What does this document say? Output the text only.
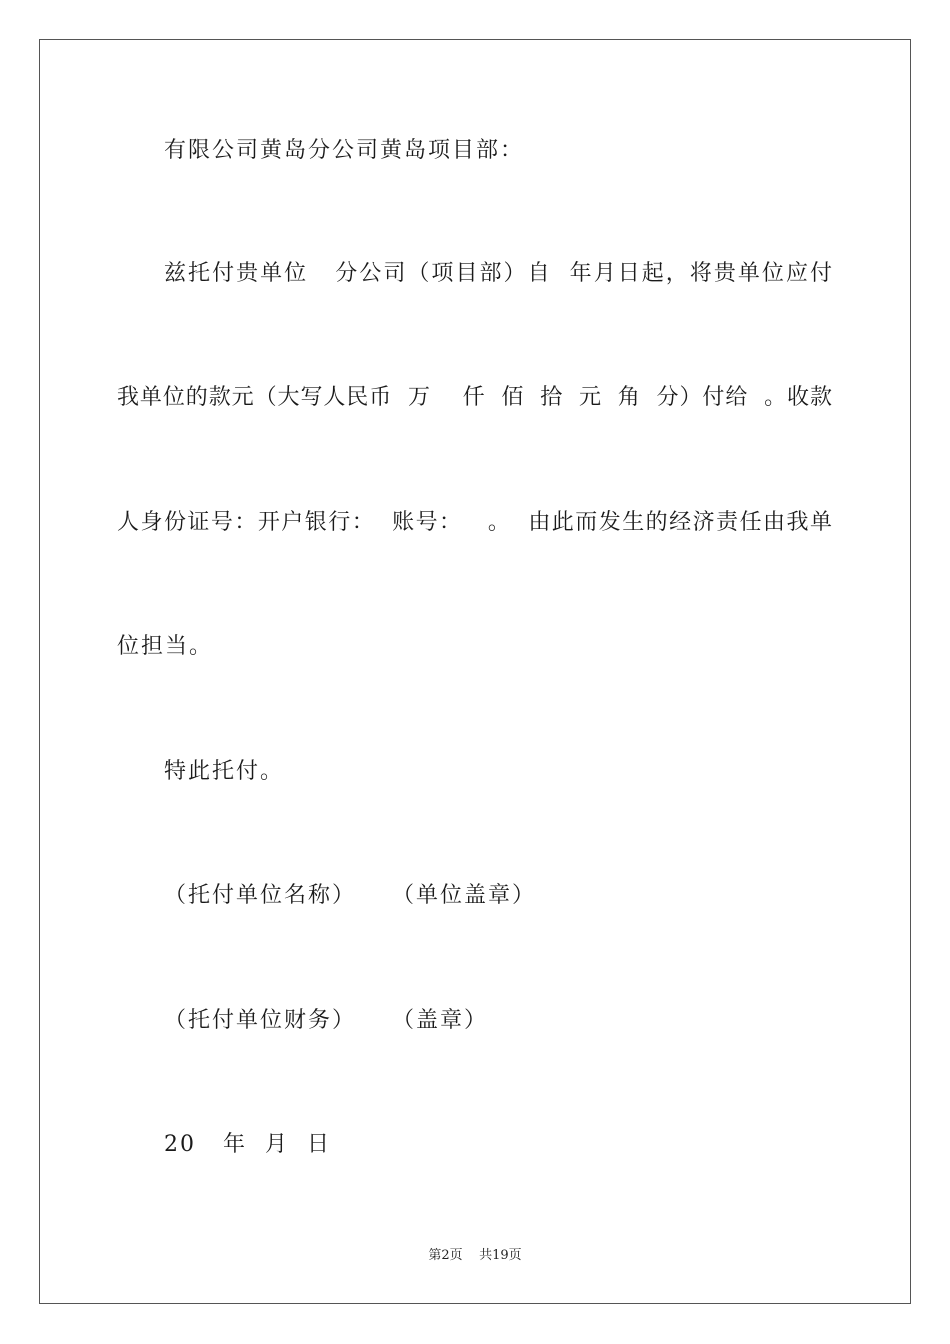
有限公司黄岛分公司黄岛项目部：
兹托付贵单位   分公司（项目部）自  年月日起，将贵单位应付
我单位的款元（大写人民币  万    仟  佰  拾  元  角  分）付给  。收款
人身份证号：开户银行：  账号：   。  由此而发生的经济责任由我单
位担当。
特此托付。
（托付单位名称）    （单位盖章）
（托付单位财务）    （盖章）
20   年  月  日
第2页    共19页
